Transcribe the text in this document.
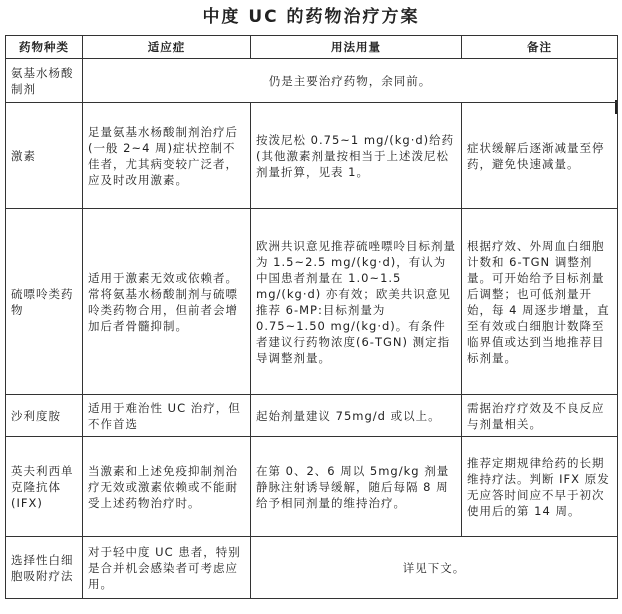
中度 UC 的药物治疗方案
药物种类	适应症	用法用量	备注
氨基水杨酸制剂	仍是主要治疗药物，余同前。		
激素	足量氨基水杨酸制剂治疗后(一般 2~4 周)症状控制不佳者，尤其病变较广泛者，应及时改用激素。	按泼尼松 0.75~1 mg/(kg·d)给药(其他激素剂量按相当于上述泼尼松剂量折算，见表 1。	症状缓解后逐渐减量至停药，避免快速减量。
硫嘌呤类药物	适用于激素无效或依赖者。常将氨基水杨酸制剂与硫嘌呤类药物合用，但前者会增加后者骨髓抑制。	欧洲共识意见推荐硫唑嘌呤目标剂量为 1.5~2.5 mg/(kg·d)，有认为中国患者剂量在 1.0~1.5 mg/(kg·d) 亦有效；欧美共识意见推荐 6-MP:目标剂量为 0.75~1.50 mg/(kg·d)。有条件者建议行药物浓度(6-TGN) 测定指导调整剂量。	根据疗效、外周血白细胞计数和 6-TGN 调整剂量。可开始给予目标剂量后调整；也可低剂量开始，每 4 周逐步增量，直至有效或白细胞计数降至临界值或达到当地推荐目标剂量。
沙利度胺	适用于难治性 UC 治疗，但不作首选	起始剂量建议 75mg/d 或以上。	需据治疗疗效及不良反应与剂量相关。
英夫利西单克隆抗体 (IFX)	当激素和上述免疫抑制剂治疗无效或激素依赖或不能耐受上述药物治疗时。	在第 0、2、6 周以 5mg/kg 剂量静脉注射诱导缓解，随后每隔 8 周给予相同剂量的维持治疗。	推荐定期规律给药的长期维持疗法。判断 IFX 原发无应答时间应不早于初次使用后的第 14 周。
选择性白细胞吸附疗法	对于轻中度 UC 患者，特别是合并机会感染者可考虑应用。	详见下文。	
